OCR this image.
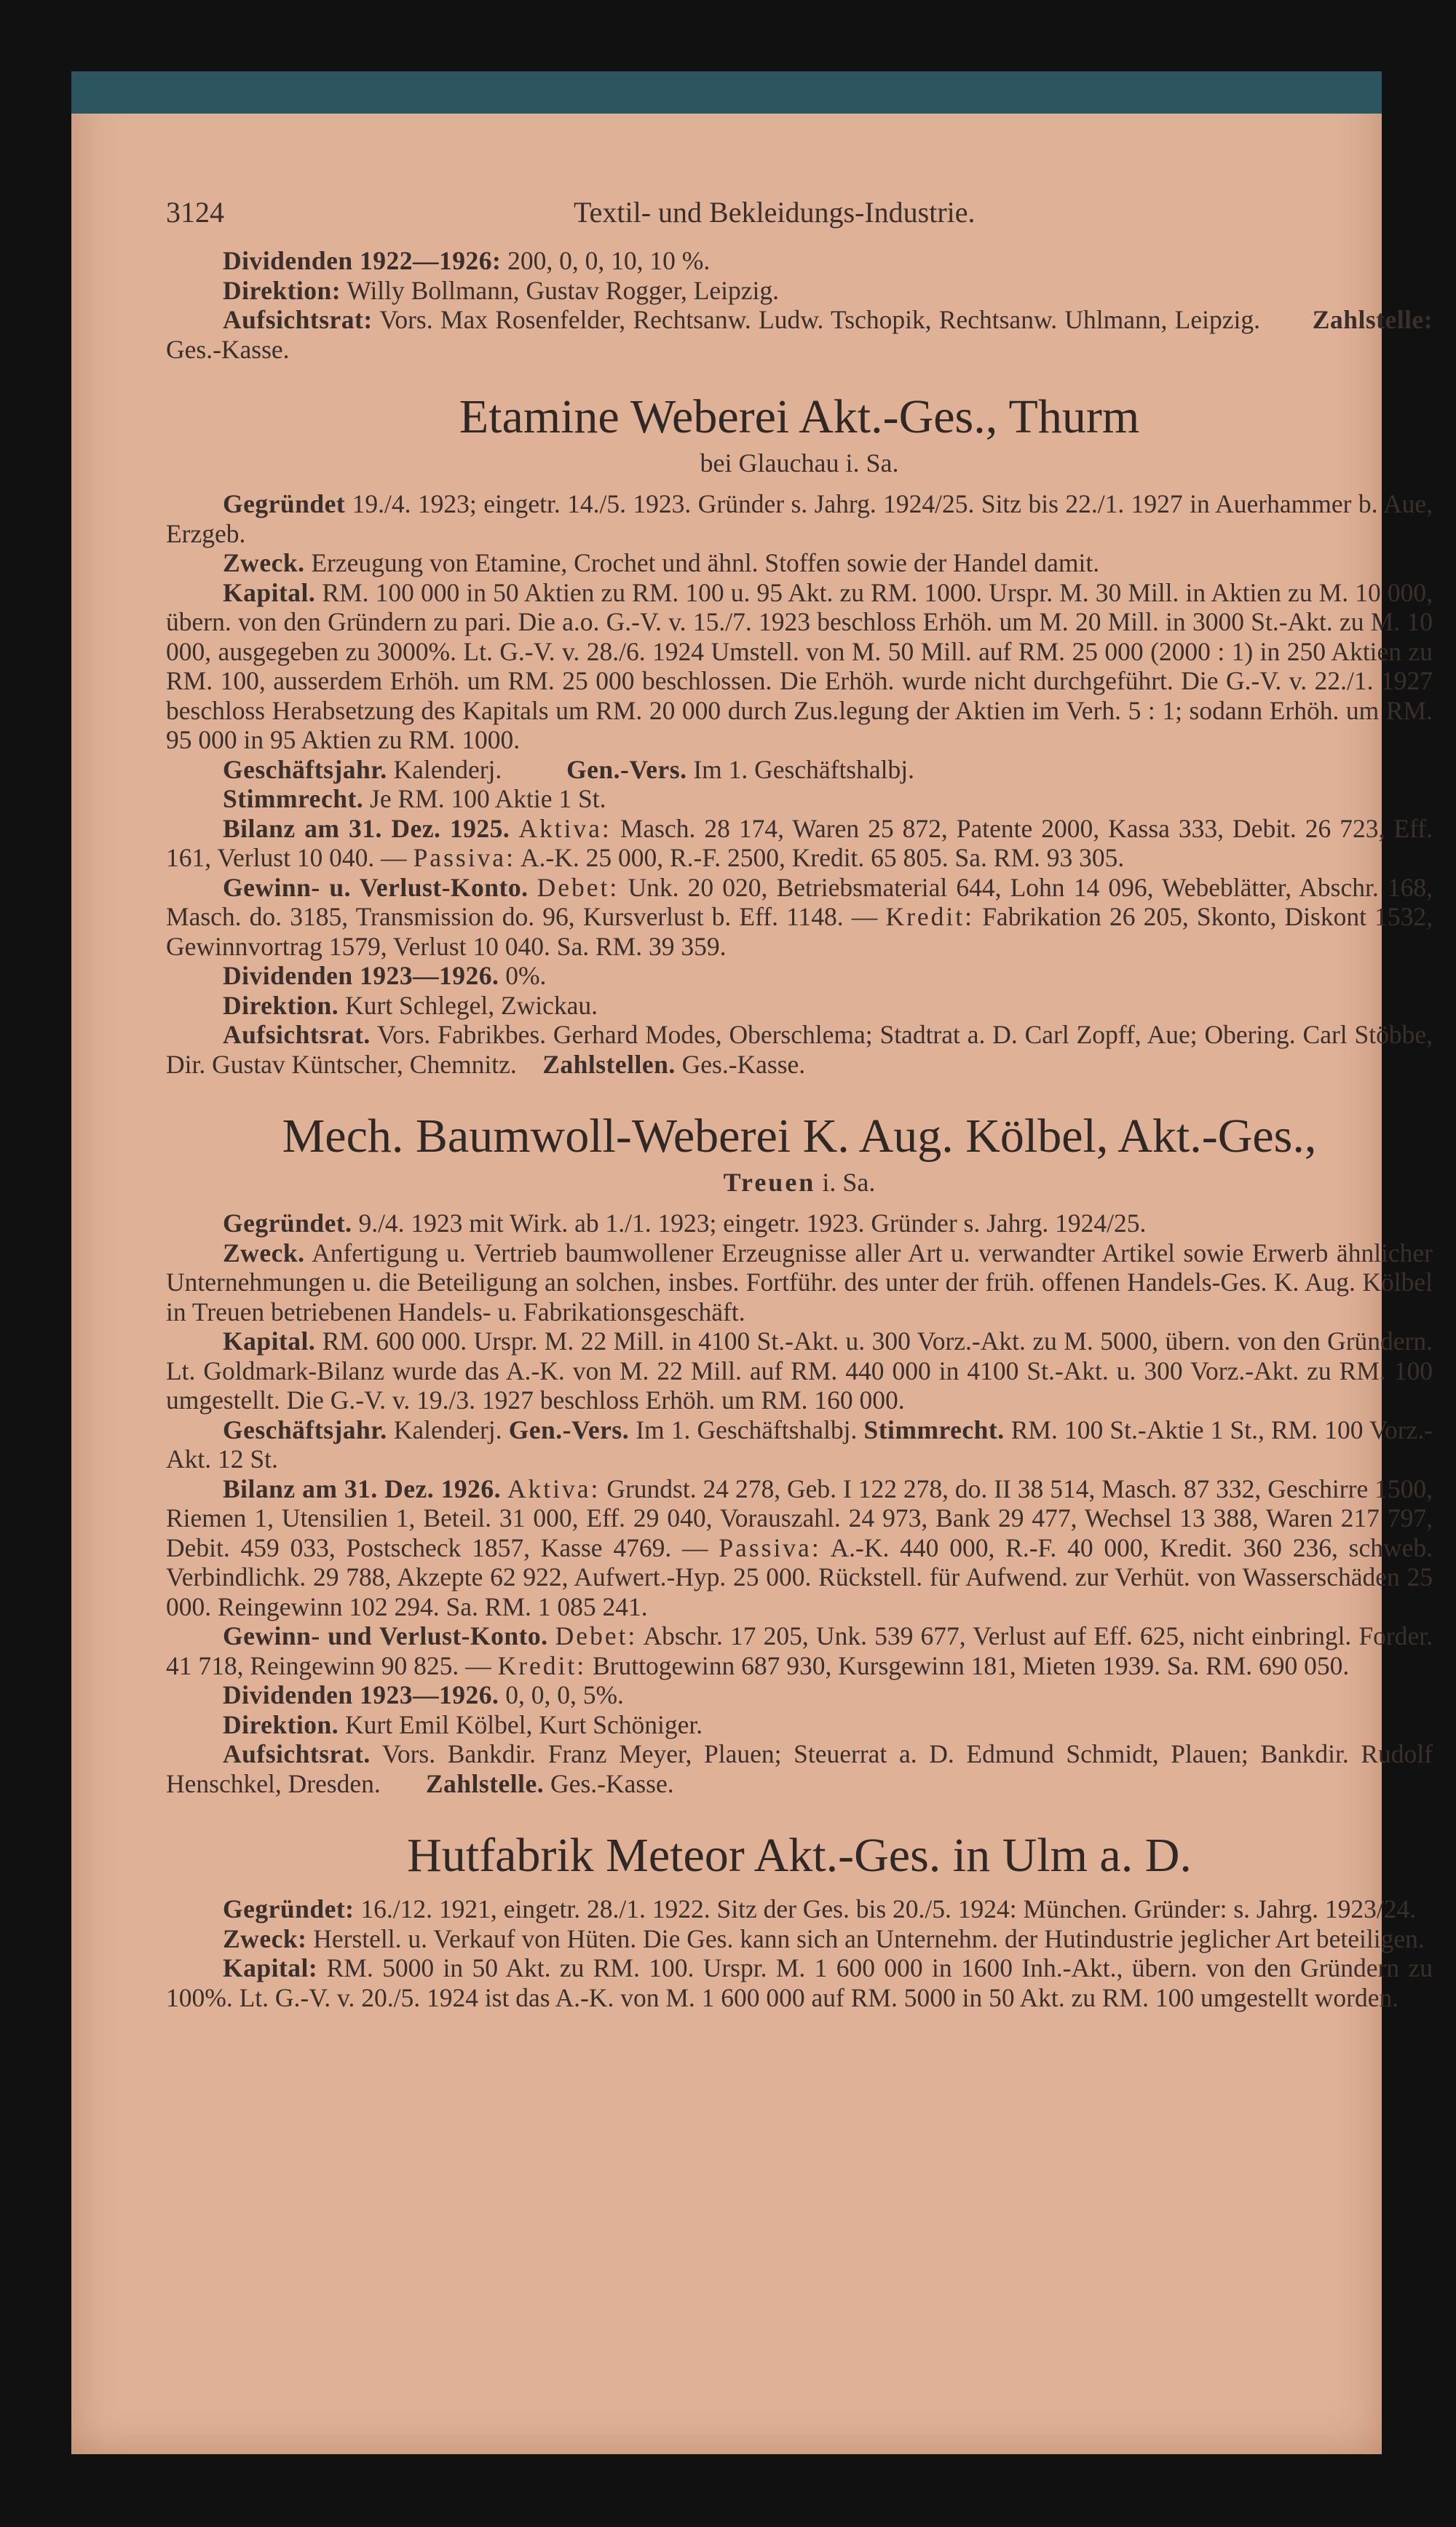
3124	Textil- und Bekleidungs-Industrie.

Dividenden 1922—1926: 200, 0, 0, 10, 10 %.

Direktion: Willy Bollmann, Gustav Rogger, Leipzig.

Aufsichtsrat: Vors. Max Rosenfelder, Rechtsanw. Ludw. Tschopik, Rechtsanw. Uhlmann, Leipzig. Zahlstelle: Ges.-Kasse.

Etamine Weberei Akt.-Ges., Thurm
bei Glauchau i. Sa.

Gegründet 19./4. 1923; eingetr. 14./5. 1923. Gründer s. Jahrg. 1924/25. Sitz bis 22./1. 1927 in Auerhammer b. Aue, Erzgeb.

Zweck. Erzeugung von Etamine, Crochet und ähnl. Stoffen sowie der Handel damit.

Kapital. RM. 100 000 in 50 Aktien zu RM. 100 u. 95 Akt. zu RM. 1000. Urspr. M. 30 Mill. in Aktien zu M. 10 000, übern. von den Gründern zu pari. Die a.o. G.-V. v. 15./7. 1923 beschloss Erhöh. um M. 20 Mill. in 3000 St.-Akt. zu M. 10 000, ausgegeben zu 3000%. Lt. G.-V. v. 28./6. 1924 Umstell. von M. 50 Mill. auf RM. 25 000 (2000 : 1) in 250 Aktien zu RM. 100, ausserdem Erhöh. um RM. 25 000 beschlossen. Die Erhöh. wurde nicht durchgeführt. Die G.-V. v. 22./1. 1927 beschloss Herabsetzung des Kapitals um RM. 20 000 durch Zus.legung der Aktien im Verh. 5 : 1; sodann Erhöh. um RM. 95 000 in 95 Aktien zu RM. 1000.

Geschäftsjahr. Kalenderj.	Gen.-Vers. Im 1. Geschäftshalbj.

Stimmrecht. Je RM. 100 Aktie 1 St.

Bilanz am 31. Dez. 1925. Aktiva: Masch. 28 174, Waren 25 872, Patente 2000, Kassa 333, Debit. 26 723, Eff. 161, Verlust 10 040. — Passiva: A.-K. 25 000, R.-F. 2500, Kredit. 65 805. Sa. RM. 93 305.

Gewinn- u. Verlust-Konto. Debet: Unk. 20 020, Betriebsmaterial 644, Lohn 14 096, Webeblätter, Abschr. 168, Masch. do. 3185, Transmission do. 96, Kursverlust b. Eff. 1148. — Kredit: Fabrikation 26 205, Skonto, Diskont 1532, Gewinnvortrag 1579, Verlust 10 040. Sa. RM. 39 359.

Dividenden 1923—1926. 0%.

Direktion. Kurt Schlegel, Zwickau.

Aufsichtsrat. Vors. Fabrikbes. Gerhard Modes, Oberschlema; Stadtrat a. D. Carl Zopff, Aue; Obering. Carl Stöbbe, Dir. Gustav Küntscher, Chemnitz. Zahlstellen. Ges.-Kasse.

Mech. Baumwoll-Weberei K. Aug. Kölbel, Akt.-Ges.,
Treuen i. Sa.

Gegründet. 9./4. 1923 mit Wirk. ab 1./1. 1923; eingetr. 1923. Gründer s. Jahrg. 1924/25.

Zweck. Anfertigung u. Vertrieb baumwollener Erzeugnisse aller Art u. verwandter Artikel sowie Erwerb ähnlicher Unternehmungen u. die Beteiligung an solchen, insbes. Fortführ. des unter der früh. offenen Handels-Ges. K. Aug. Kölbel in Treuen betriebenen Handels- u. Fabrikationsgeschäft.

Kapital. RM. 600 000. Urspr. M. 22 Mill. in 4100 St.-Akt. u. 300 Vorz.-Akt. zu M. 5000, übern. von den Gründern. Lt. Goldmark-Bilanz wurde das A.-K. von M. 22 Mill. auf RM. 440 000 in 4100 St.-Akt. u. 300 Vorz.-Akt. zu RM. 100 umgestellt. Die G.-V. v. 19./3. 1927 beschloss Erhöh. um RM. 160 000.

Geschäftsjahr. Kalenderj. Gen.-Vers. Im 1. Geschäftshalbj. Stimmrecht. RM. 100 St.-Aktie 1 St., RM. 100 Vorz.-Akt. 12 St.

Bilanz am 31. Dez. 1926. Aktiva: Grundst. 24 278, Geb. I 122 278, do. II 38 514, Masch. 87 332, Geschirre 1500, Riemen 1, Utensilien 1, Beteil. 31 000, Eff. 29 040, Vorauszahl. 24 973, Bank 29 477, Wechsel 13 388, Waren 217 797, Debit. 459 033, Postscheck 1857, Kasse 4769. — Passiva: A.-K. 440 000, R.-F. 40 000, Kredit. 360 236, schweb. Verbindlichk. 29 788, Akzepte 62 922, Aufwert.-Hyp. 25 000. Rückstell. für Aufwend. zur Verhüt. von Wasserschäden 25 000. Reingewinn 102 294. Sa. RM. 1 085 241.

Gewinn- und Verlust-Konto. Debet: Abschr. 17 205, Unk. 539 677, Verlust auf Eff. 625, nicht einbringl. Forder. 41 718, Reingewinn 90 825. — Kredit: Bruttogewinn 687 930, Kursgewinn 181, Mieten 1939. Sa. RM. 690 050.

Dividenden 1923—1926. 0, 0, 0, 5%.

Direktion. Kurt Emil Kölbel, Kurt Schöniger.

Aufsichtsrat. Vors. Bankdir. Franz Meyer, Plauen; Steuerrat a. D. Edmund Schmidt, Plauen; Bankdir. Rudolf Henschkel, Dresden. Zahlstelle. Ges.-Kasse.

Hutfabrik Meteor Akt.-Ges. in Ulm a. D.

Gegründet: 16./12. 1921, eingetr. 28./1. 1922. Sitz der Ges. bis 20./5. 1924: München. Gründer: s. Jahrg. 1923/24.

Zweck: Herstell. u. Verkauf von Hüten. Die Ges. kann sich an Unternehm. der Hutindustrie jeglicher Art beteiligen.

Kapital: RM. 5000 in 50 Akt. zu RM. 100. Urspr. M. 1 600 000 in 1600 Inh.-Akt., übern. von den Gründern zu 100%. Lt. G.-V. v. 20./5. 1924 ist das A.-K. von M. 1 600 000 auf RM. 5000 in 50 Akt. zu RM. 100 umgestellt worden.
